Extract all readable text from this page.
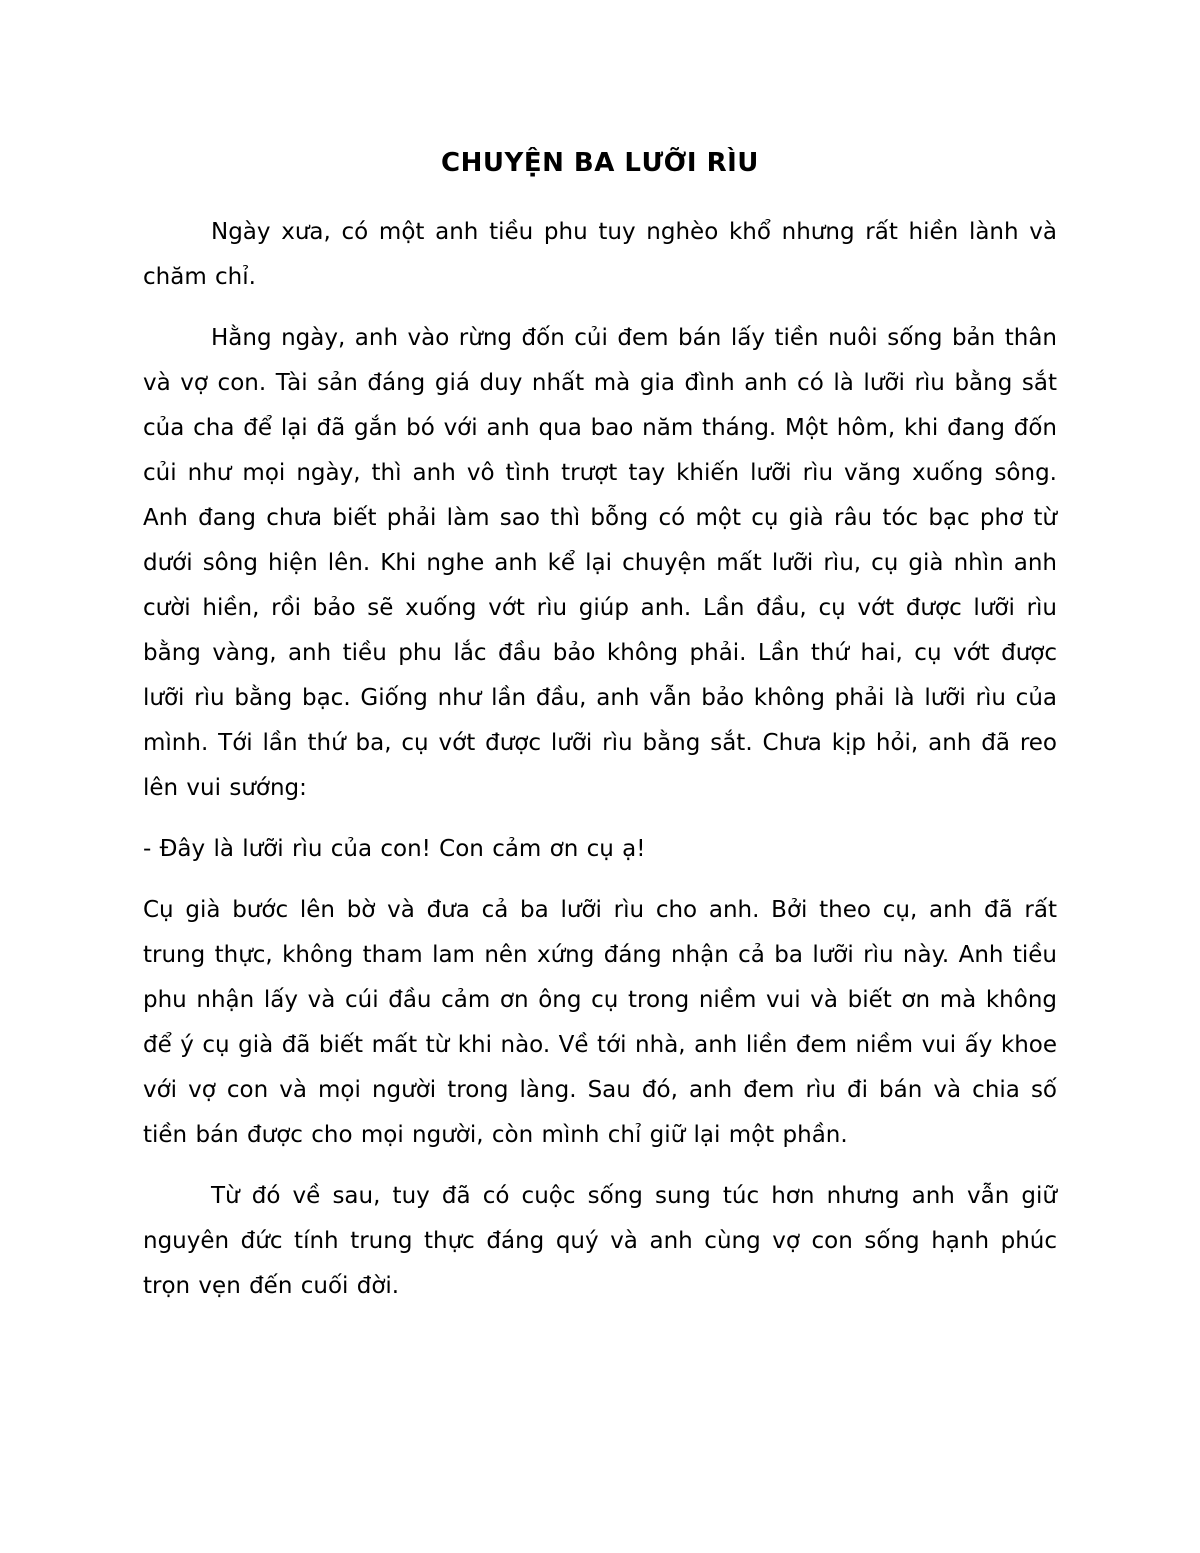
CHUYỆN BA LƯỠI RÌU

Ngày xưa, có một anh tiều phu tuy nghèo khổ nhưng rất hiền lành và chăm chỉ.

Hằng ngày, anh vào rừng đốn củi đem bán lấy tiền nuôi sống bản thân và vợ con. Tài sản đáng giá duy nhất mà gia đình anh có là lưỡi rìu bằng sắt của cha để lại đã gắn bó với anh qua bao năm tháng. Một hôm, khi đang đốn củi như mọi ngày, thì anh vô tình trượt tay khiến lưỡi rìu văng xuống sông. Anh đang chưa biết phải làm sao thì bỗng có một cụ già râu tóc bạc phơ từ dưới sông hiện lên. Khi nghe anh kể lại chuyện mất lưỡi rìu, cụ già nhìn anh cười hiền, rồi bảo sẽ xuống vớt rìu giúp anh. Lần đầu, cụ vớt được lưỡi rìu bằng vàng, anh tiều phu lắc đầu bảo không phải. Lần thứ hai, cụ vớt được lưỡi rìu bằng bạc. Giống như lần đầu, anh vẫn bảo không phải là lưỡi rìu của mình. Tới lần thứ ba, cụ vớt được lưỡi rìu bằng sắt. Chưa kịp hỏi, anh đã reo lên vui sướng:

- Đây là lưỡi rìu của con! Con cảm ơn cụ ạ!

Cụ già bước lên bờ và đưa cả ba lưỡi rìu cho anh. Bởi theo cụ, anh đã rất trung thực, không tham lam nên xứng đáng nhận cả ba lưỡi rìu này. Anh tiều phu nhận lấy và cúi đầu cảm ơn ông cụ trong niềm vui và biết ơn mà không để ý cụ già đã biết mất từ khi nào. Về tới nhà, anh liền đem niềm vui ấy khoe với vợ con và mọi người trong làng. Sau đó, anh đem rìu đi bán và chia số tiền bán được cho mọi người, còn mình chỉ giữ lại một phần.

Từ đó về sau, tuy đã có cuộc sống sung túc hơn nhưng anh vẫn giữ nguyên đức tính trung thực đáng quý và anh cùng vợ con sống hạnh phúc trọn vẹn đến cuối đời.
